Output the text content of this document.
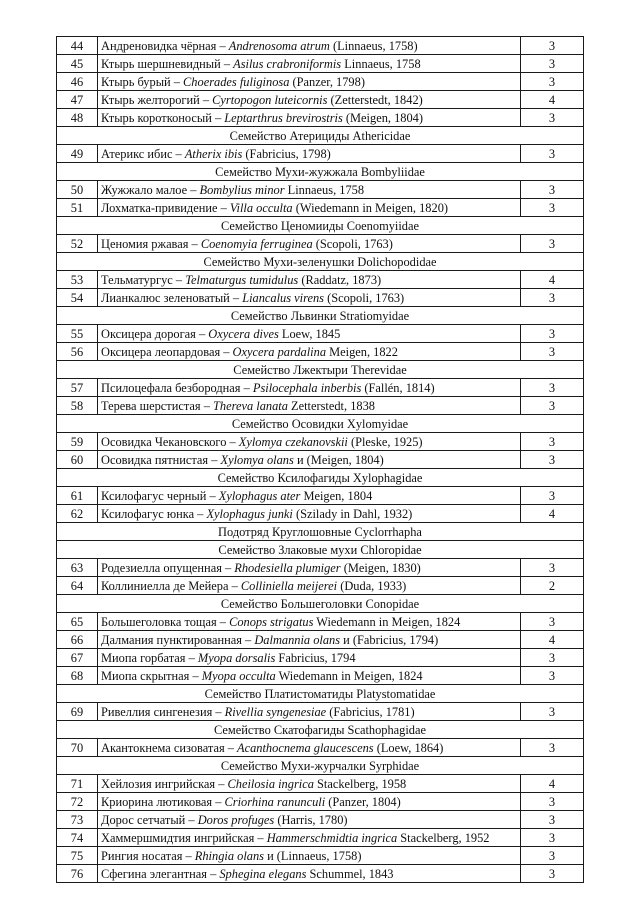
44	Андреновидка чёрная – Andrenosoma atrum (Linnaeus, 1758)	3
45	Ктырь шершневидный – Asilus crabroniformis Linnaeus, 1758	3
46	Ктырь бурый – Choerades fuliginosa (Panzer, 1798)	3
47	Ктырь желторогий – Cyrtopogon luteicornis (Zetterstedt, 1842)	4
48	Ктырь коротконосый – Leptarthrus brevirostris (Meigen, 1804)	3
Семейство Атерициды Athericidae		
49	Атерикс ибис – Atherix ibis (Fabricius, 1798)	3
Семейство Мухи-жужжала Bombyliidae		
50	Жужжало малое – Bombylius minor Linnaeus, 1758	3
51	Лохматка-привидение – Villa occulta (Wiedemann in Meigen, 1820)	3
Семейство Ценомииды Coenomyiidae		
52	Ценомия ржавая – Coenomyia ferruginea (Scopoli, 1763)	3
Семейство Мухи-зеленушки Dolichopodidae		
53	Тельматургус – Telmaturgus tumidulus (Raddatz, 1873)	4
54	Лианкалюс зеленоватый – Liancalus virens (Scopoli, 1763)	3
Семейство Львинки Stratiomyidae		
55	Оксицера дорогая – Oxycera dives Loew, 1845	3
56	Оксицера леопардовая – Oxycera pardalina Meigen, 1822	3
Семейство Лжектыри Therevidae		
57	Псилоцефала безбородная – Psilocephala inberbis (Fallén, 1814)	3
58	Терева шерстистая – Thereva lanata Zetterstedt, 1838	3
Семейство Осовидки Xylomyidae		
59	Осовидка Чекановского – Xylomya czekanovskii (Pleske, 1925)	3
60	Осовидка пятнистая – Xylomya olans и (Meigen, 1804)	3
Семейство Ксилофагиды Xylophagidae		
61	Ксилофагус черный – Xylophagus ater Meigen, 1804	3
62	Ксилофагус юнка – Xylophagus junki (Szilady in Dahl, 1932)	4
Подотряд Круглошовные Cyclorrhapha		
Семейство Злаковые мухи Chloropidae		
63	Родезиелла опущенная – Rhodesiella plumiger (Meigen, 1830)	3
64	Коллиниелла де Мейера – Colliniella meijerei (Duda, 1933)	2
Семейство Большеголовки Conopidae		
65	Большеголовка тощая – Conops strigatus Wiedemann in Meigen, 1824	3
66	Далмания пунктированная – Dalmannia olans и (Fabricius, 1794)	4
67	Миопа горбатая – Myopa dorsalis Fabricius, 1794	3
68	Миопа скрытная – Myopa occulta Wiedemann in Meigen, 1824	3
Семейство Платистоматиды Platystomatidae		
69	Ривеллия сингенезия – Rivellia syngenesiae (Fabricius, 1781)	3
Семейство Скатофагиды Scathophagidae		
70	Акантокнема сизоватая – Acanthocnema glaucescens (Loew, 1864)	3
Семейство Мухи-журчалки Syrphidae		
71	Хейлозия ингрийская – Cheilosia ingrica Stackelberg, 1958	4
72	Криорина лютиковая – Criorhina ranunculi (Panzer, 1804)	3
73	Дорос сетчатый – Doros profuges (Harris, 1780)	3
74	Хаммершмидтия ингрийская – Hammerschmidtia ingrica Stackelberg, 1952	3
75	Рингия носатая – Rhingia olans и (Linnaeus, 1758)	3
76	Сфегина элегантная – Sphegina elegans Schummel, 1843	3
